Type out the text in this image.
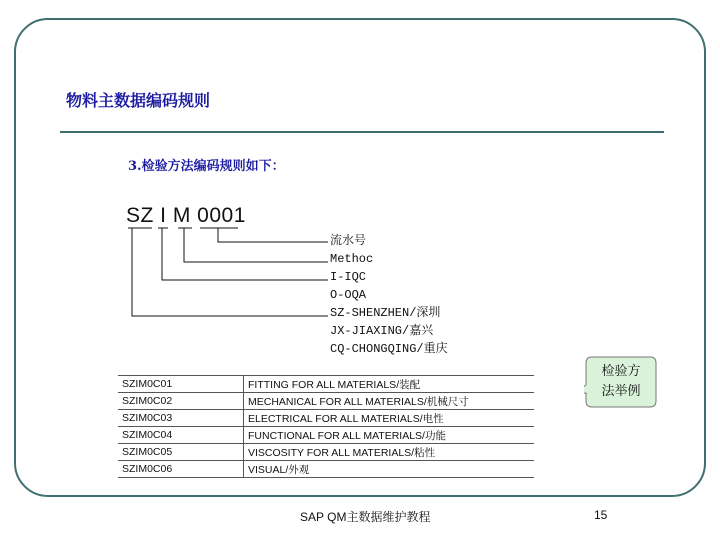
物料主数据编码规则
3.检验方法编码规则如下：
SZ I M 0001
流水号
Methoc
I-IQC
O-OQA
SZ-SHENZHEN/深圳
JX-JIAXING/嘉兴
CQ-CHONGQING/重庆
检验方
法举例
SZIM0C01	FITTING FOR ALL MATERIALS/装配
SZIM0C02	MECHANICAL FOR ALL MATERIALS/机械尺寸
SZIM0C03	ELECTRICAL FOR ALL MATERIALS/电性
SZIM0C04	FUNCTIONAL FOR ALL MATERIALS/功能
SZIM0C05	VISCOSITY FOR ALL MATERIALS/粘性
SZIM0C06	VISUAL/外观
SAP QM主数据维护教程	15
